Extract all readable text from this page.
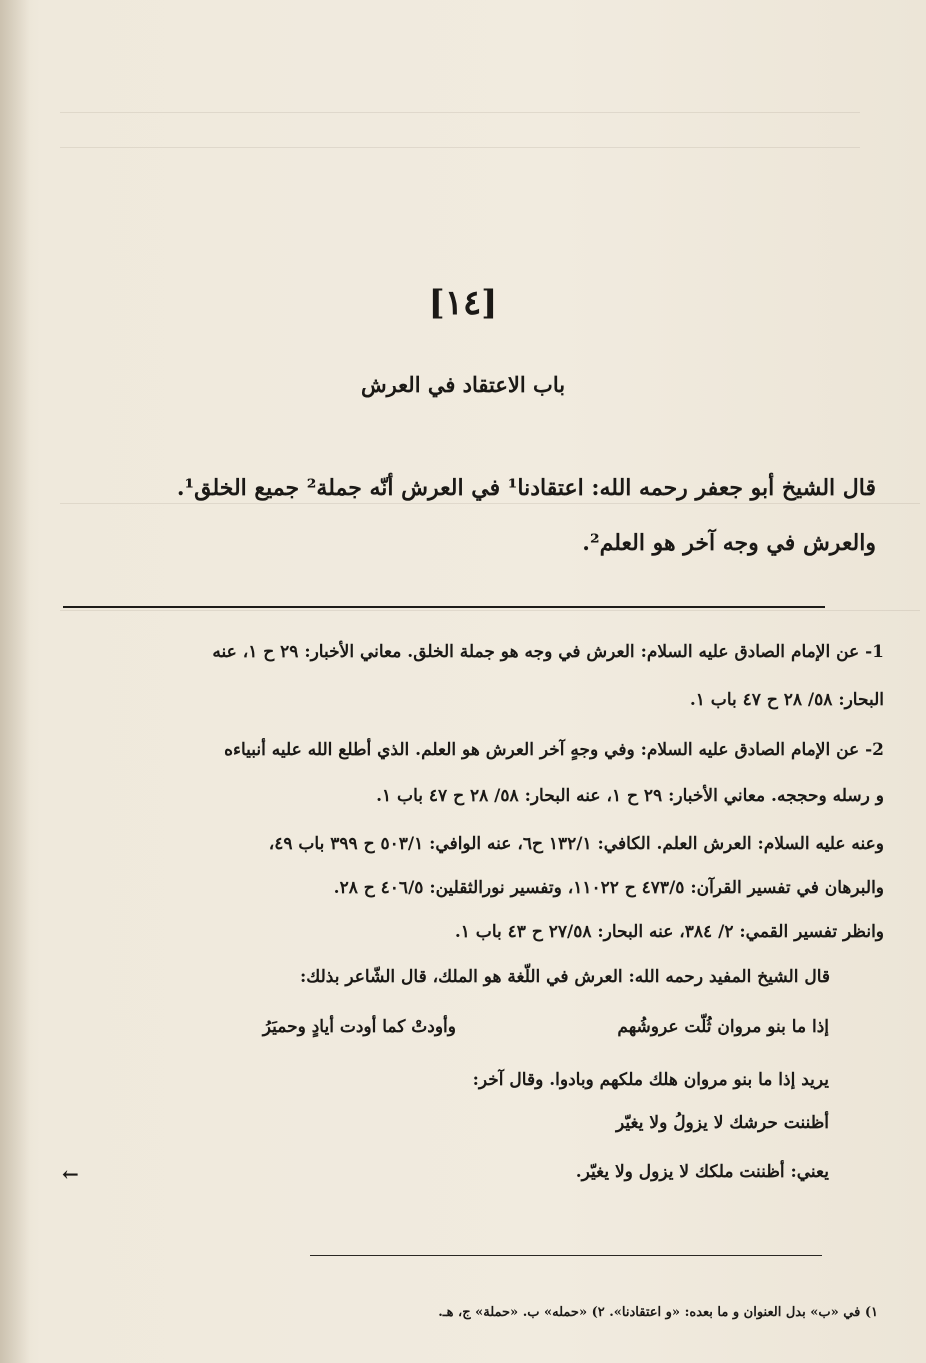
[١٤]
باب الاعتقاد في العرش
قال الشيخ أبو جعفر رحمه الله: اعتقادنا¹ في العرش أنّه جملة² جميع الخلق¹.
والعرش في وجه آخر هو العلم².
1- عن الإمام الصادق عليه السلام: العرش في وجه هو جملة الخلق. معاني الأخبار: ٢٩ ح ١، عنه
البحار: ٥٨/ ٢٨ ح ٤٧ باب ١.
2- عن الإمام الصادق عليه السلام: وفي وجهٍ آخر العرش هو العلم. الذي أطلع الله عليه أنبياءه
و رسله وحججه. معاني الأخبار: ٢٩ ح ١، عنه البحار: ٥٨/ ٢٨ ح ٤٧ باب ١.
وعنه عليه السلام: العرش العلم. الكافي: ١٣٢/١ ح٦، عنه الوافي: ٥٠٣/١ ح ٣٩٩ باب ٤٩،
والبرهان في تفسير القرآن: ٤٧٣/٥ ح ١١٠٢٢، وتفسير نورالثقلين: ٤٠٦/٥ ح ٢٨.
وانظر تفسير القمي: ٢/ ٣٨٤، عنه البحار: ٢٧/٥٨ ح ٤٣ باب ١.
قال الشيخ المفيد رحمه الله: العرش في اللّغة هو الملك، قال الشّاعر بذلك:
إذا ما بنو مروان ثُلّت عروشُهم
وأودتْ كما أودت أيادٍ وحميَرُ
يريد إذا ما بنو مروان هلك ملكهم وبادوا. وقال آخر:
أظننت حرشك لا يزولُ ولا يغيّر
يعني: أظننت ملكك لا يزول ولا يغيّر.
←
١) في «ب» بدل العنوان و ما بعده: «و اعتقادنا». ٢) «حمله» ب. «حملة» ج، هـ.
